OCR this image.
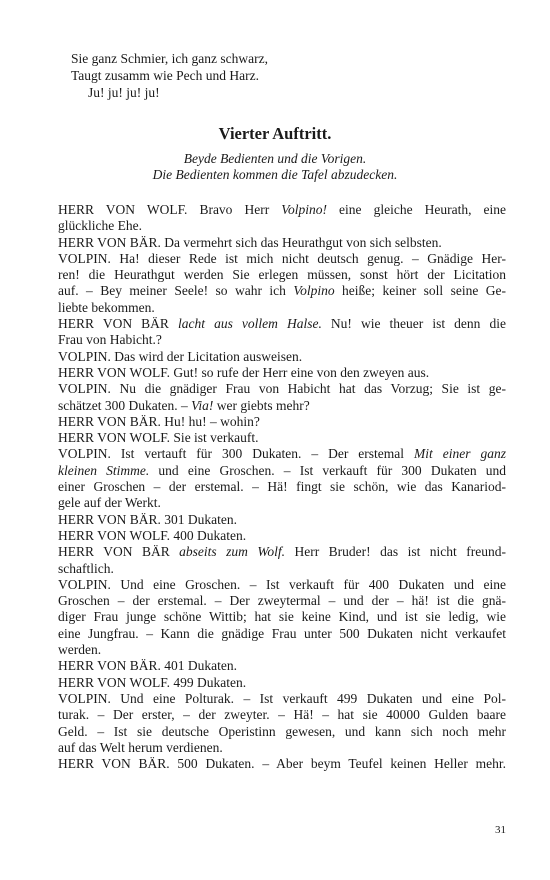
Sie ganz Schmier, ich ganz schwarz,
Taugt zusamm wie Pech und Harz.
Ju! ju! ju! ju!
Vierter Auftritt.
Beyde Bedienten und die Vorigen.
Die Bedienten kommen die Tafel abzudecken.
HERR VON WOLF. Bravo Herr Volpino! eine gleiche Heurath, eine
glückliche Ehe.
HERR VON BÄR. Da vermehrt sich das Heurathgut von sich selbsten.
VOLPIN. Ha! dieser Rede ist mich nicht deutsch genug. – Gnädige Her-
ren! die Heurathgut werden Sie erlegen müssen, sonst hört der Licitation
auf. – Bey meiner Seele! so wahr ich Volpino heiße; keiner soll seine Ge-
liebte bekommen.
HERR VON BÄR lacht aus vollem Halse. Nu! wie theuer ist denn die
Frau von Habicht.?
VOLPIN. Das wird der Licitation ausweisen.
HERR VON WOLF. Gut! so rufe der Herr eine von den zweyen aus.
VOLPIN. Nu die gnädiger Frau von Habicht hat das Vorzug; Sie ist ge-
schätzet 300 Dukaten. – Via! wer giebts mehr?
HERR VON BÄR. Hu! hu! – wohin?
HERR VON WOLF. Sie ist verkauft.
VOLPIN. Ist vertauft für 300 Dukaten. – Der erstemal Mit einer ganz
kleinen Stimme. und eine Groschen. – Ist verkauft für 300 Dukaten und
einer Groschen – der erstemal. – Hä! fingt sie schön, wie das Kanariod-
gele auf der Werkt.
HERR VON BÄR. 301 Dukaten.
HERR VON WOLF. 400 Dukaten.
HERR VON BÄR abseits zum Wolf. Herr Bruder! das ist nicht freund-
schaftlich.
VOLPIN. Und eine Groschen. – Ist verkauft für 400 Dukaten und eine
Groschen – der erstemal. – Der zweytermal – und der – hä! ist die gnä-
diger Frau junge schöne Wittib; hat sie keine Kind, und ist sie ledig, wie
eine Jungfrau. – Kann die gnädige Frau unter 500 Dukaten nicht verkaufet
werden.
HERR VON BÄR. 401 Dukaten.
HERR VON WOLF. 499 Dukaten.
VOLPIN. Und eine Polturak. – Ist verkauft 499 Dukaten und eine Pol-
turak. – Der erster, – der zweyter. – Hä! – hat sie 40000 Gulden baare
Geld. – Ist sie deutsche Operistinn gewesen, und kann sich noch mehr
auf das Welt herum verdienen.
HERR VON BÄR. 500 Dukaten. – Aber beym Teufel keinen Heller mehr.
31
